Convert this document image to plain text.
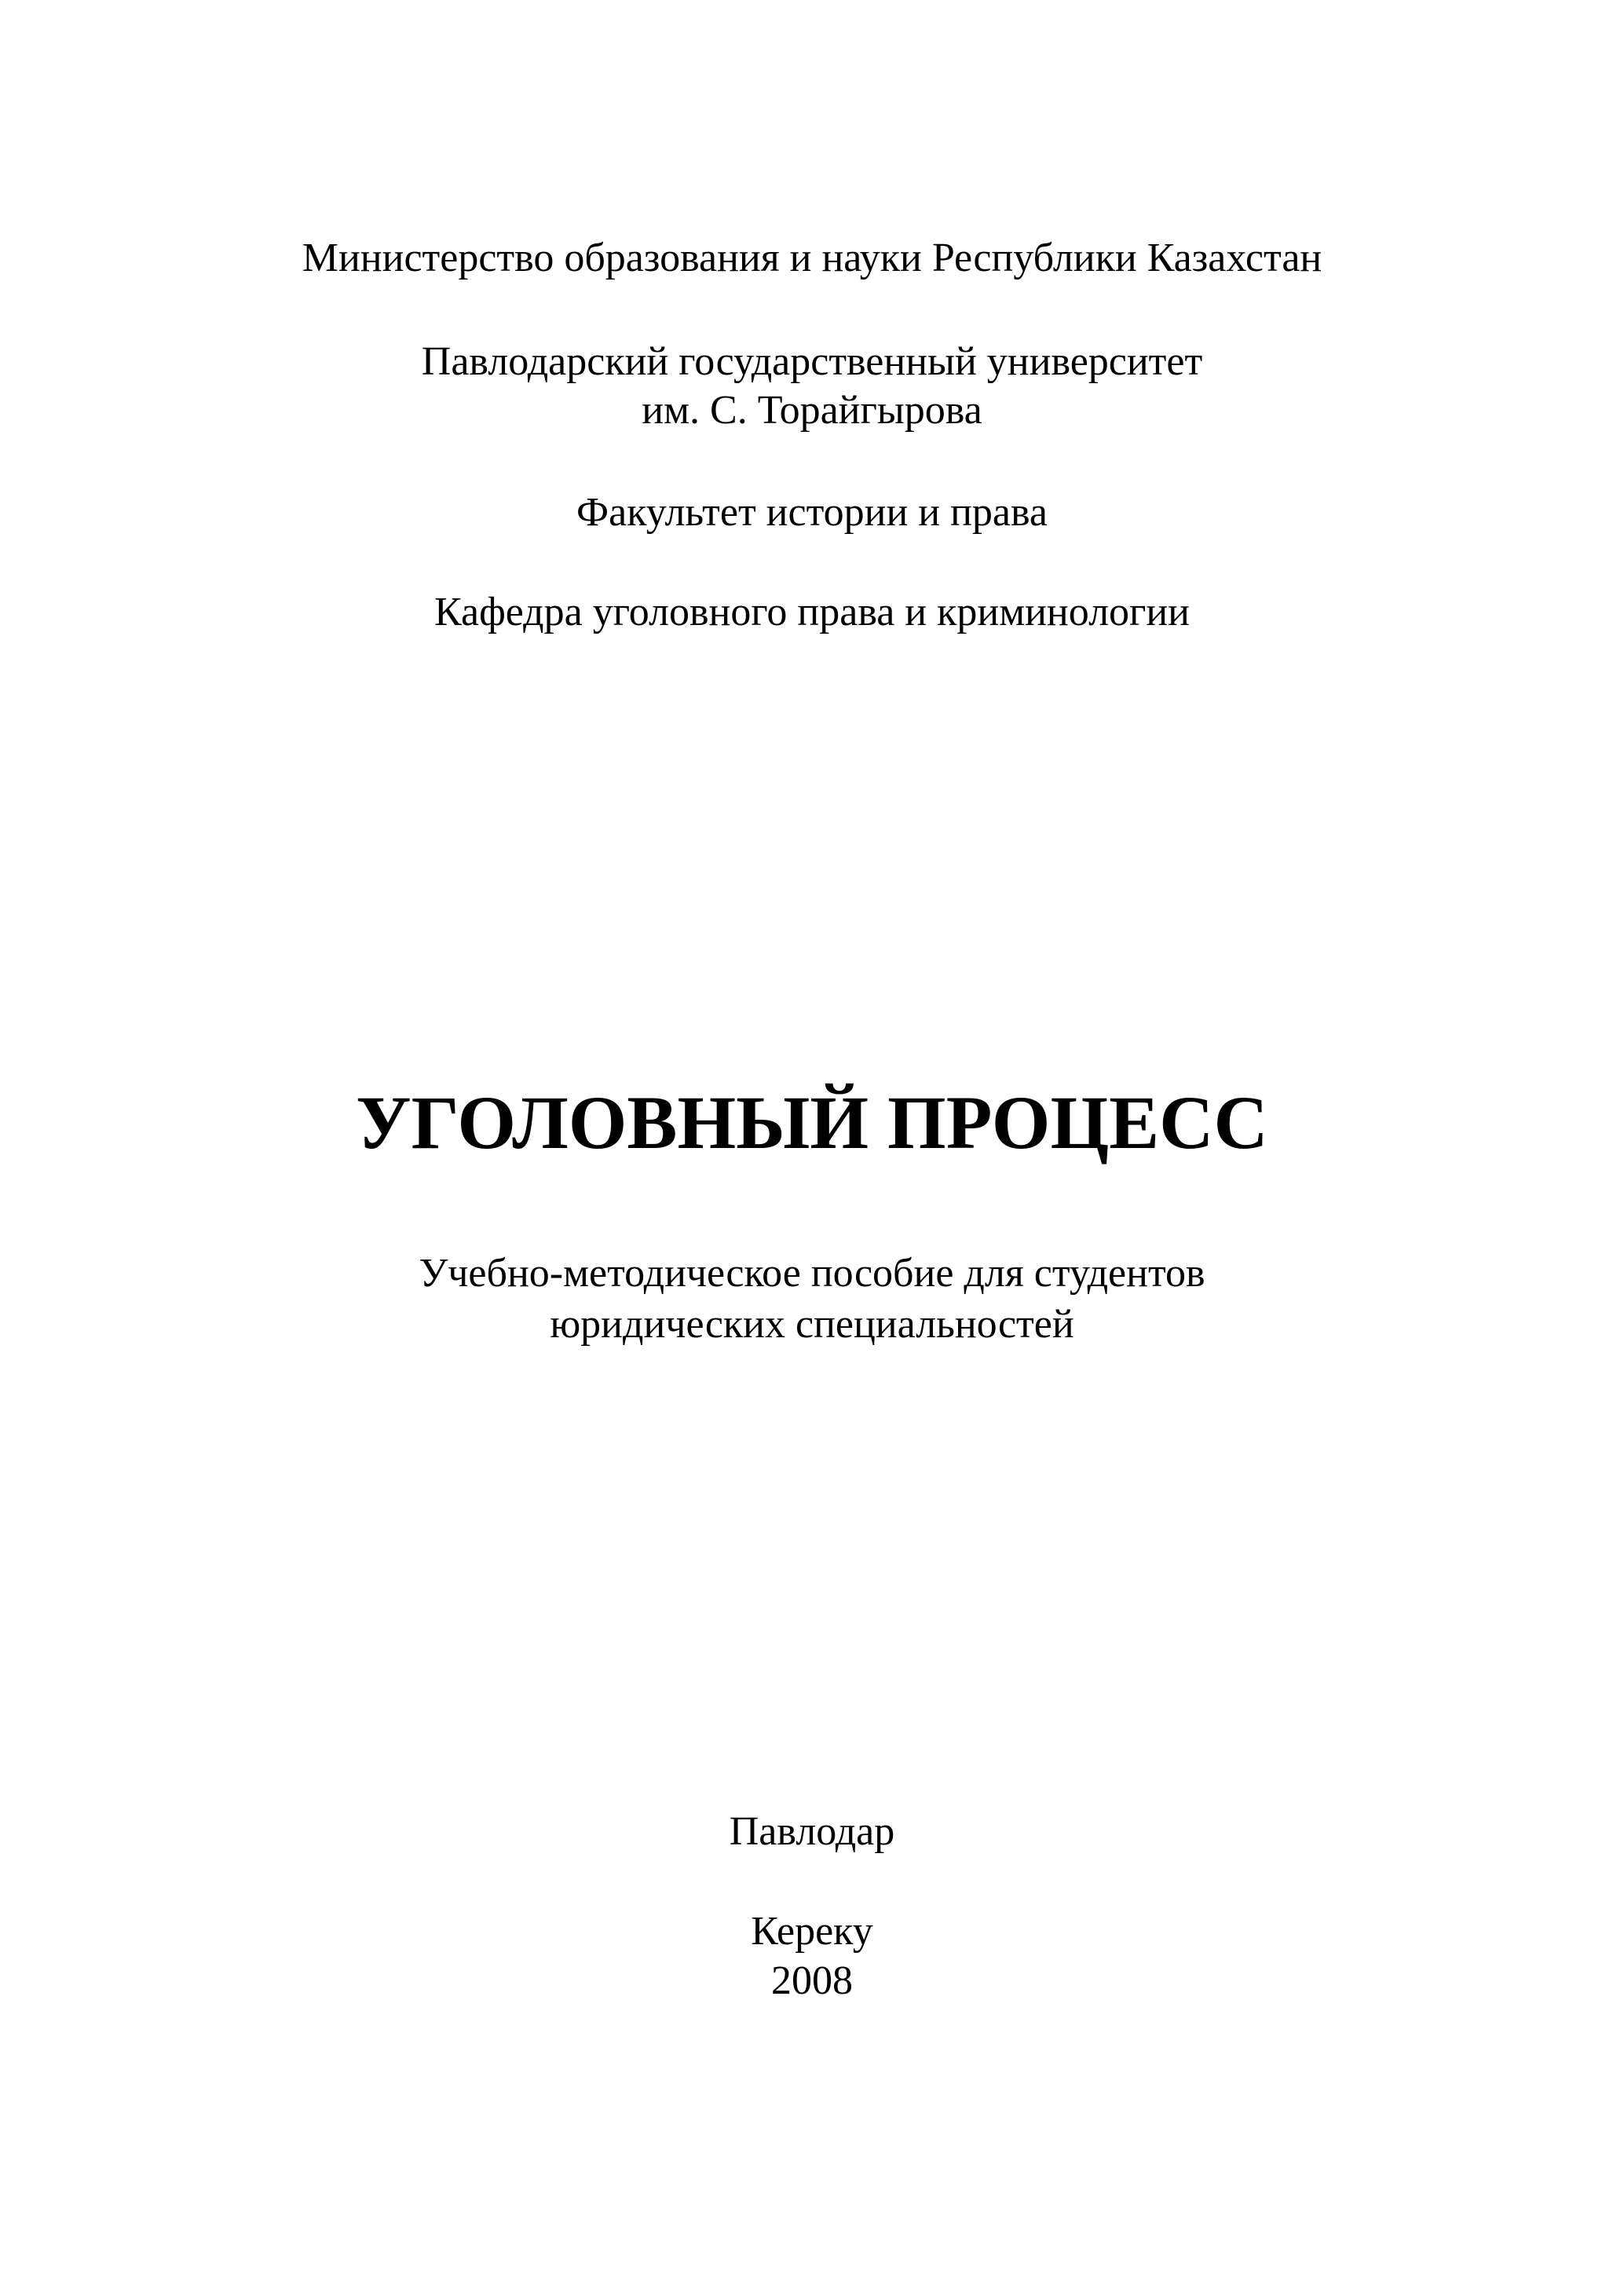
Министерство образования и науки Республики Казахстан
Павлодарский государственный университет
им. С. Торайгырова
Факультет истории и права
Кафедра уголовного права и криминологии
УГОЛОВНЫЙ ПРОЦЕСС
Учебно-методическое пособие для студентов
юридических специальностей
Павлодар
Кереку
2008
